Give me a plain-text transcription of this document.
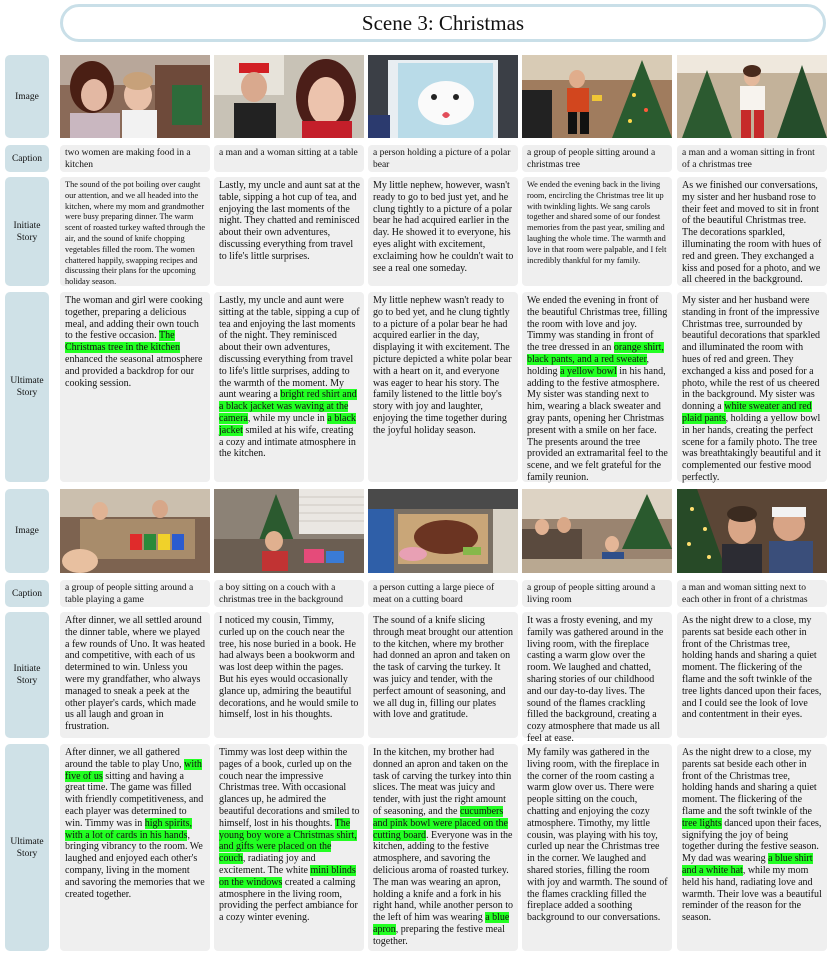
Scene 3: Christmas
Image
Caption
Initiate
Story
Ultimate
Story
Image
Caption
Initiate
Story
Ultimate
Story
two women are making food in a kitchen
a man and a woman sitting at a table	a person holding a picture of a polar bear
a group of people sitting around a christmas tree
a man and a woman sitting in front of a christmas tree
The sound of the pot boiling over caught our attention, and we all headed into the kitchen, where my mom and grandmother were busy preparing dinner. The warm scent of roasted turkey wafted through the air, and the sound of knife chopping vegetables filled the room. The women chattered happily, swapping recipes and discussing their plans for the upcoming holiday season.
Lastly, my uncle and aunt sat at the table, sipping a hot cup of tea, and enjoying the last moments of the night. They chatted and reminisced about their own adventures, discussing everything from travel to life's little surprises.
My little nephew, however, wasn't ready to go to bed just yet, and he clung tightly to a picture of a polar bear he had acquired earlier in the day. He showed it to everyone, his eyes alight with excitement, exclaiming how he couldn't wait to see a real one someday.
We ended the evening back in the living room, encircling the Christmas tree lit up with twinkling lights. We sang carols together and shared some of our fondest memories from the past year, smiling and laughing the whole time. The warmth and love in that room were palpable, and I felt incredibly thankful for my family.
As we finished our conversations, my sister and her husband rose to their feet and moved to sit in front of the beautiful Christmas tree. The decorations sparkled, illuminating the room with hues of red and green. They exchanged a kiss and posed for a photo, and we all cheered in the background.
The woman and girl were cooking together, preparing a delicious meal, and adding their own touch to the festive occasion. The Christmas tree in the kitchen enhanced the seasonal atmosphere and provided a backdrop for our cooking session.
Lastly, my uncle and aunt were sitting at the table, sipping a cup of tea and enjoying the last moments of the night. They reminisced about their own adventures, discussing everything from travel to life's little surprises, adding to the warmth of the moment. My aunt wearing a bright red shirt and a black jacket was waving at the camera, while my uncle in a black jacket smiled at his wife, creating a cozy and intimate atmosphere in the kitchen.
My little nephew wasn't ready to go to bed yet, and he clung tightly to a picture of a polar bear he had acquired earlier in the day, displaying it with excitement. The picture depicted a white polar bear with a heart on it, and everyone was eager to hear his story. The family listened to the little boy's story with joy and laughter, enjoying the time together during the joyful holiday season.
We ended the evening in front of the beautiful Christmas tree, filling the room with love and joy. Timmy was standing in front of the tree dressed in an orange shirt, black pants, and a red sweater, holding a yellow bowl in his hand, adding to the festive atmosphere. My sister was standing next to him, wearing a black sweater and gray pants, opening her Christmas present with a smile on her face. The presents around the tree provided an extramarital feel to the scene, and we felt grateful for the family reunion.
My sister and her husband were standing in front of the impressive Christmas tree, surrounded by beautiful decorations that sparkled and illuminated the room with hues of red and green. They exchanged a kiss and posed for a photo, while the rest of us cheered in the background. My sister was donning a white sweater and red plaid pants, holding a yellow bowl in her hands, creating the perfect scene for a family photo. The tree was breathtakingly beautiful and it complemented our festive mood perfectly.
a group of people sitting around a table playing a game
a boy sitting on a couch with a christmas tree in the background
a person cutting a large piece of meat on a cutting board
a group of people sitting around a living room
a man and woman sitting next to each other in front of a christmas
After dinner, we all settled around the dinner table, where we played a few rounds of Uno. It was heated and competitive, with each of us determined to win. Unless you were my grandfather, who always managed to sneak a peek at the other player's cards, which made us all laugh and groan in frustration.
I noticed my cousin, Timmy, curled up on the couch near the tree, his nose buried in a book. He had always been a bookworm and was lost deep within the pages. But his eyes would occasionally glance up, admiring the beautiful decorations, and he would smile to himself, lost in his thoughts.
The sound of a knife slicing through meat brought our attention to the kitchen, where my brother had donned an apron and taken on the task of carving the turkey. It was juicy and tender, with the perfect amount of seasoning, and we all dug in, filling our plates with love and gratitude.
It was a frosty evening, and my family was gathered around in the living room, with the fireplace casting a warm glow over the room. We laughed and chatted, sharing stories of our childhood and our day-to-day lives. The sound of the flames crackling filled the background, creating a cozy atmosphere that made us all feel at ease.
As the night drew to a close, my parents sat beside each other in front of the Christmas tree, holding hands and sharing a quiet moment. The flickering of the flame and the soft twinkle of the tree lights danced upon their faces, and I could see the look of love and contentment in their eyes.
After dinner, we all gathered around the table to play Uno, with five of us sitting and having a great time. The game was filled with friendly competitiveness, and each player was determined to win. Timmy was in high spirits, with a lot of cards in his hands, bringing vibrancy to the room. We laughed and enjoyed each other's company, living in the moment and savoring the memories that we created together.
Timmy was lost deep within the pages of a book, curled up on the couch near the impressive Christmas tree. With occasional glances up, he admired the beautiful decorations and smiled to himself, lost in his thoughts. The young boy wore a Christmas shirt, and gifts were placed on the couch, radiating joy and excitement. The white mini blinds on the windows created a calming atmosphere in the living room, providing the perfect ambiance for a cozy winter evening.
In the kitchen, my brother had donned an apron and taken on the task of carving the turkey into thin slices. The meat was juicy and tender, with just the right amount of seasoning, and the cucumbers and pink bowl were placed on the cutting board. Everyone was in the kitchen, adding to the festive atmosphere, and savoring the delicious aroma of roasted turkey. The man was wearing an apron, holding a knife and a fork in his right hand, while another person to the left of him was wearing a blue apron, preparing the festive meal together.
My family was gathered in the living room, with the fireplace in the corner of the room casting a warm glow over us. There were people sitting on the couch, chatting and enjoying the cozy atmosphere. Timothy, my little cousin, was playing with his toy, curled up near the Christmas tree in the corner. We laughed and shared stories, filling the room with joy and warmth. The sound of the flames crackling filled the fireplace added a soothing background to our conversations.
As the night drew to a close, my parents sat beside each other in front of the Christmas tree, holding hands and sharing a quiet moment. The flickering of the flame and the soft twinkle of the tree lights danced upon their faces, signifying the joy of being together during the festive season. My dad was wearing a blue shirt and a white hat, while my mom held his hand, radiating love and warmth. Their love was a beautiful reminder of the reason for the season.
